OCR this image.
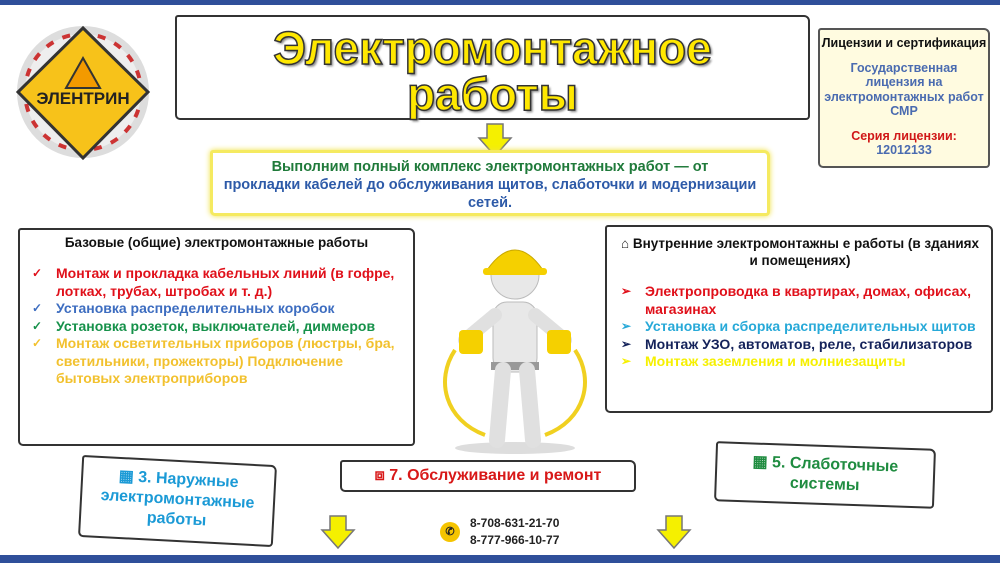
ЭЛЕНТРИН
Электромонтажное
работы
Выполним полный комплекс электромонтажных работ — от
прокладки кабелей до обслуживания щитов, слаботочки и модернизации сетей.
Лицензии и сертификация
Государственная лицензия на электромонтажных работ СМР
Серия лицензии:
12012133
Базовые (общие) электромонтажные работы
✓ Монтаж и прокладка кабельных линий (в гофре, лотках, трубах, штробах и т. д.)
✓ Установка распределительных коробок
✓ Установка розеток, выключателей, диммеров
✓ Монтаж осветительных приборов (люстры, бра, светильники, прожекторы) Подключение бытовых электроприборов
⌂ Внутренние электромонтажны е работы (в зданиях и помещениях)
➢ Электропроводка в квартирах, домах, офисах, магазинах
➢ Установка и сборка распределительных щитов
➢ Монтаж УЗО, автоматов, реле, стабилизаторов
➢ Монтаж заземления и молниезащиты
▦ 3. Наружные электромонтажные работы
⧈ 7. Обслуживание и ремонт
▦ 5. Слаботочные системы
✆
8-708-631-21-70
8-777-966-10-77
